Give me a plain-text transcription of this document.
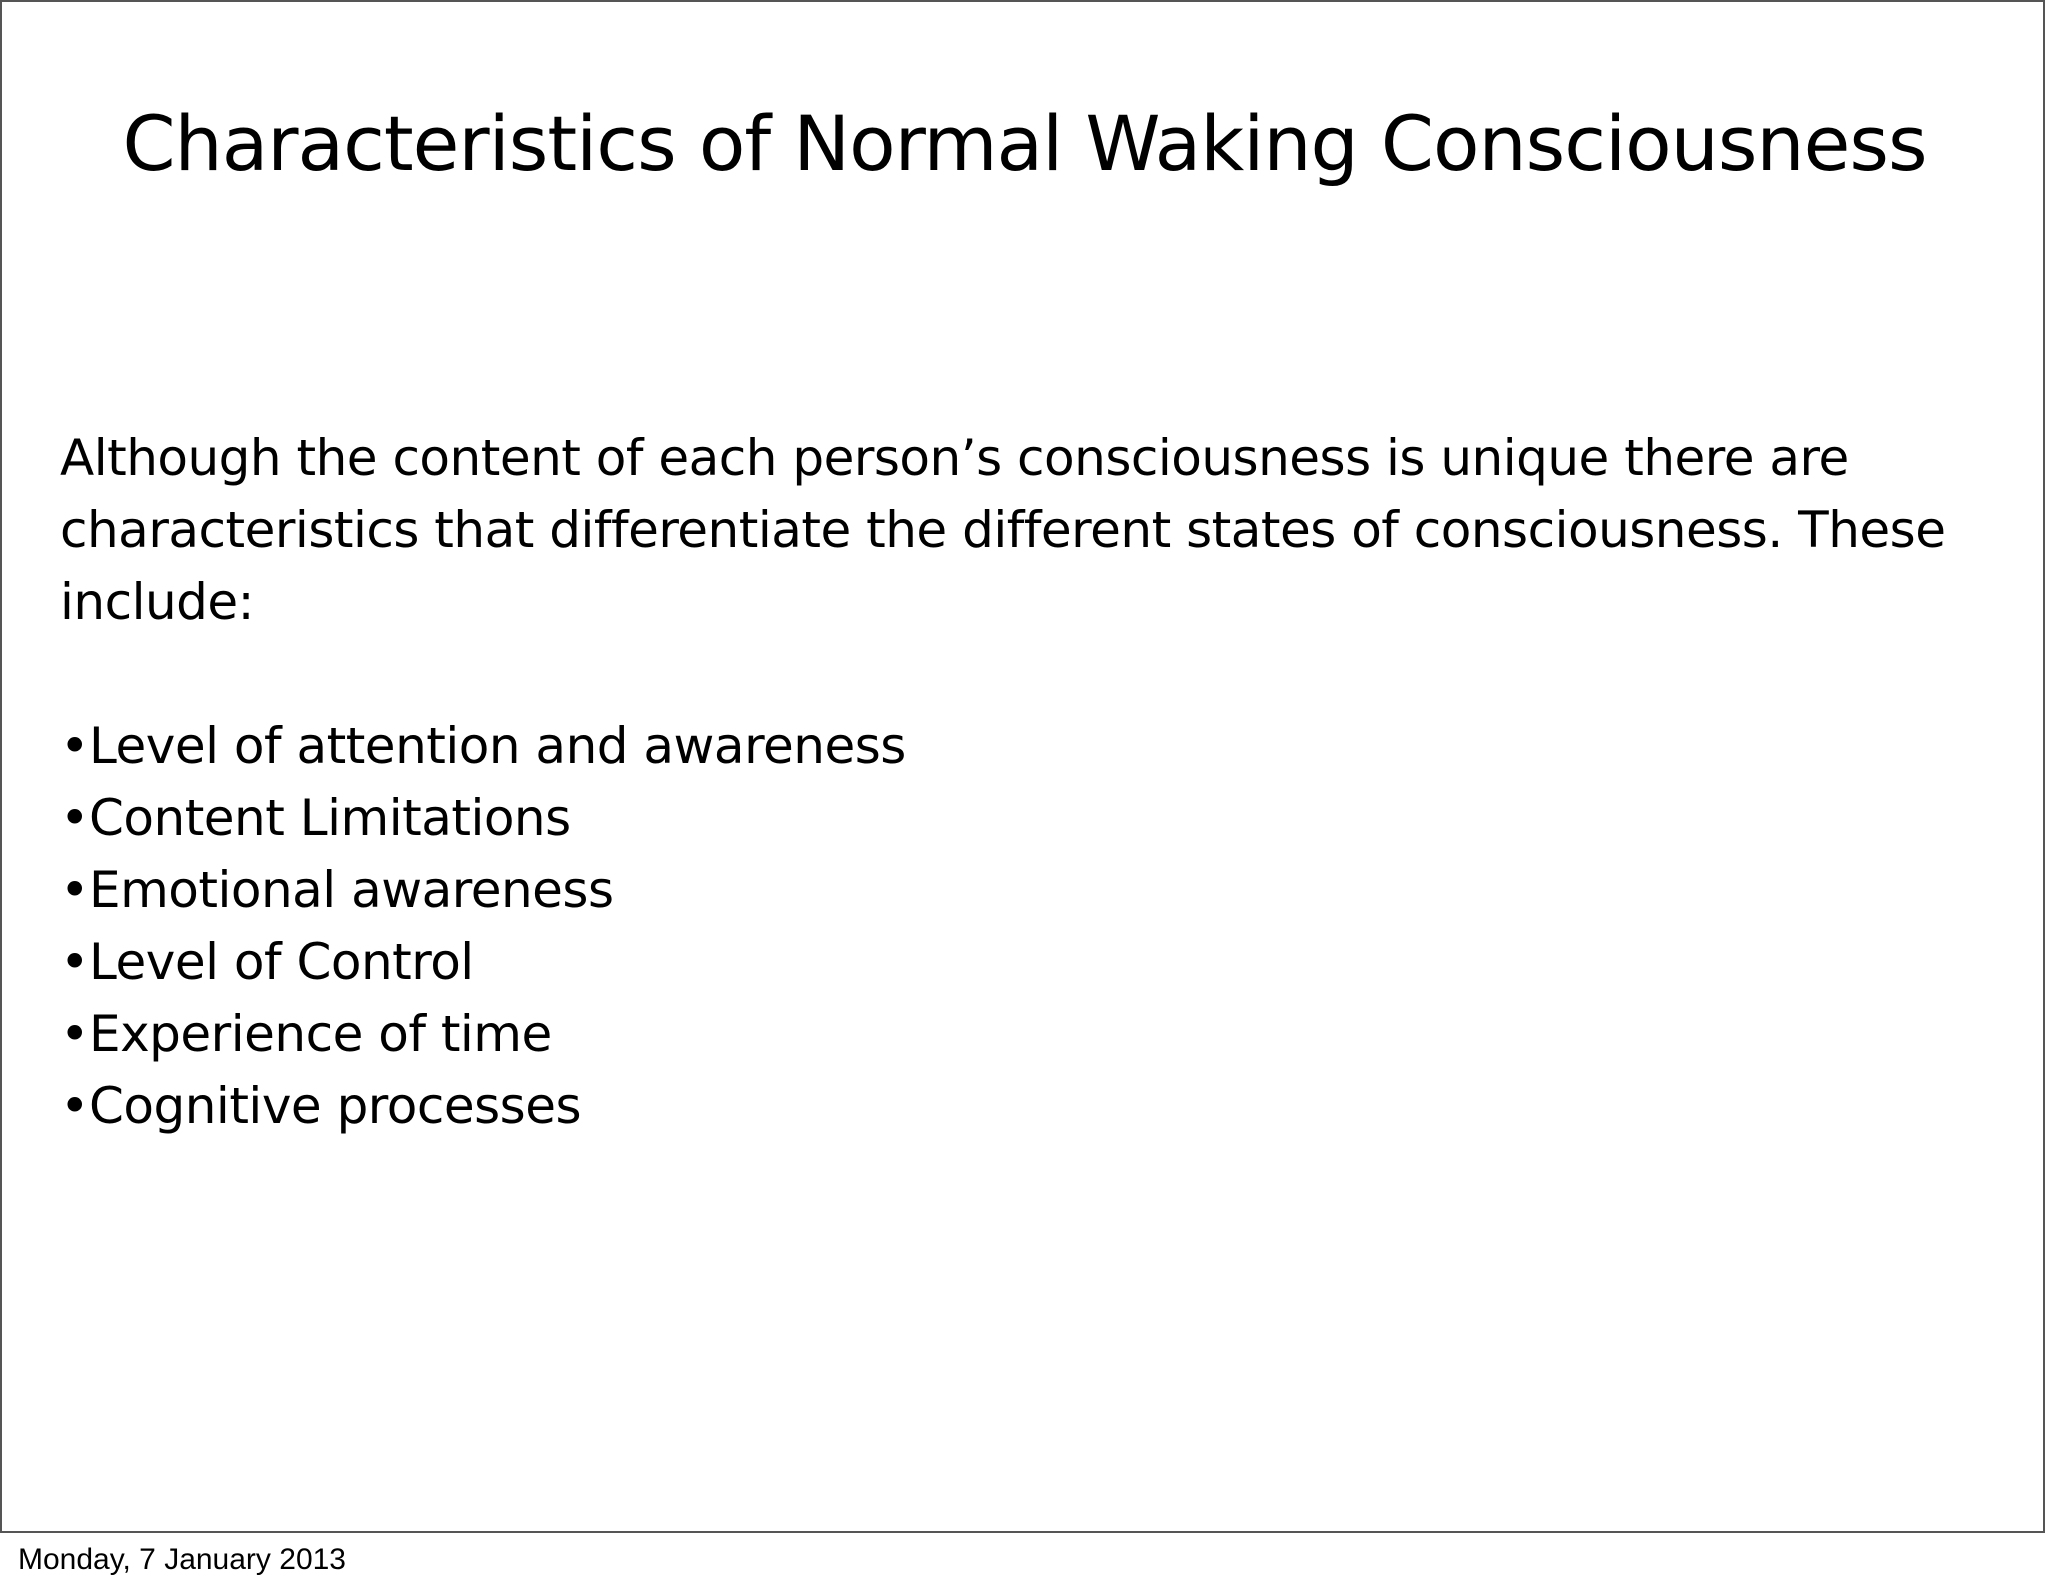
Characteristics of Normal Waking Consciousness

Although the content of each person’s consciousness is unique there are characteristics that differentiate the different states of consciousness. These include:

•Level of attention and awareness
•Content Limitations
•Emotional awareness
•Level of Control
•Experience of time
•Cognitive processes
Monday, 7 January 2013
